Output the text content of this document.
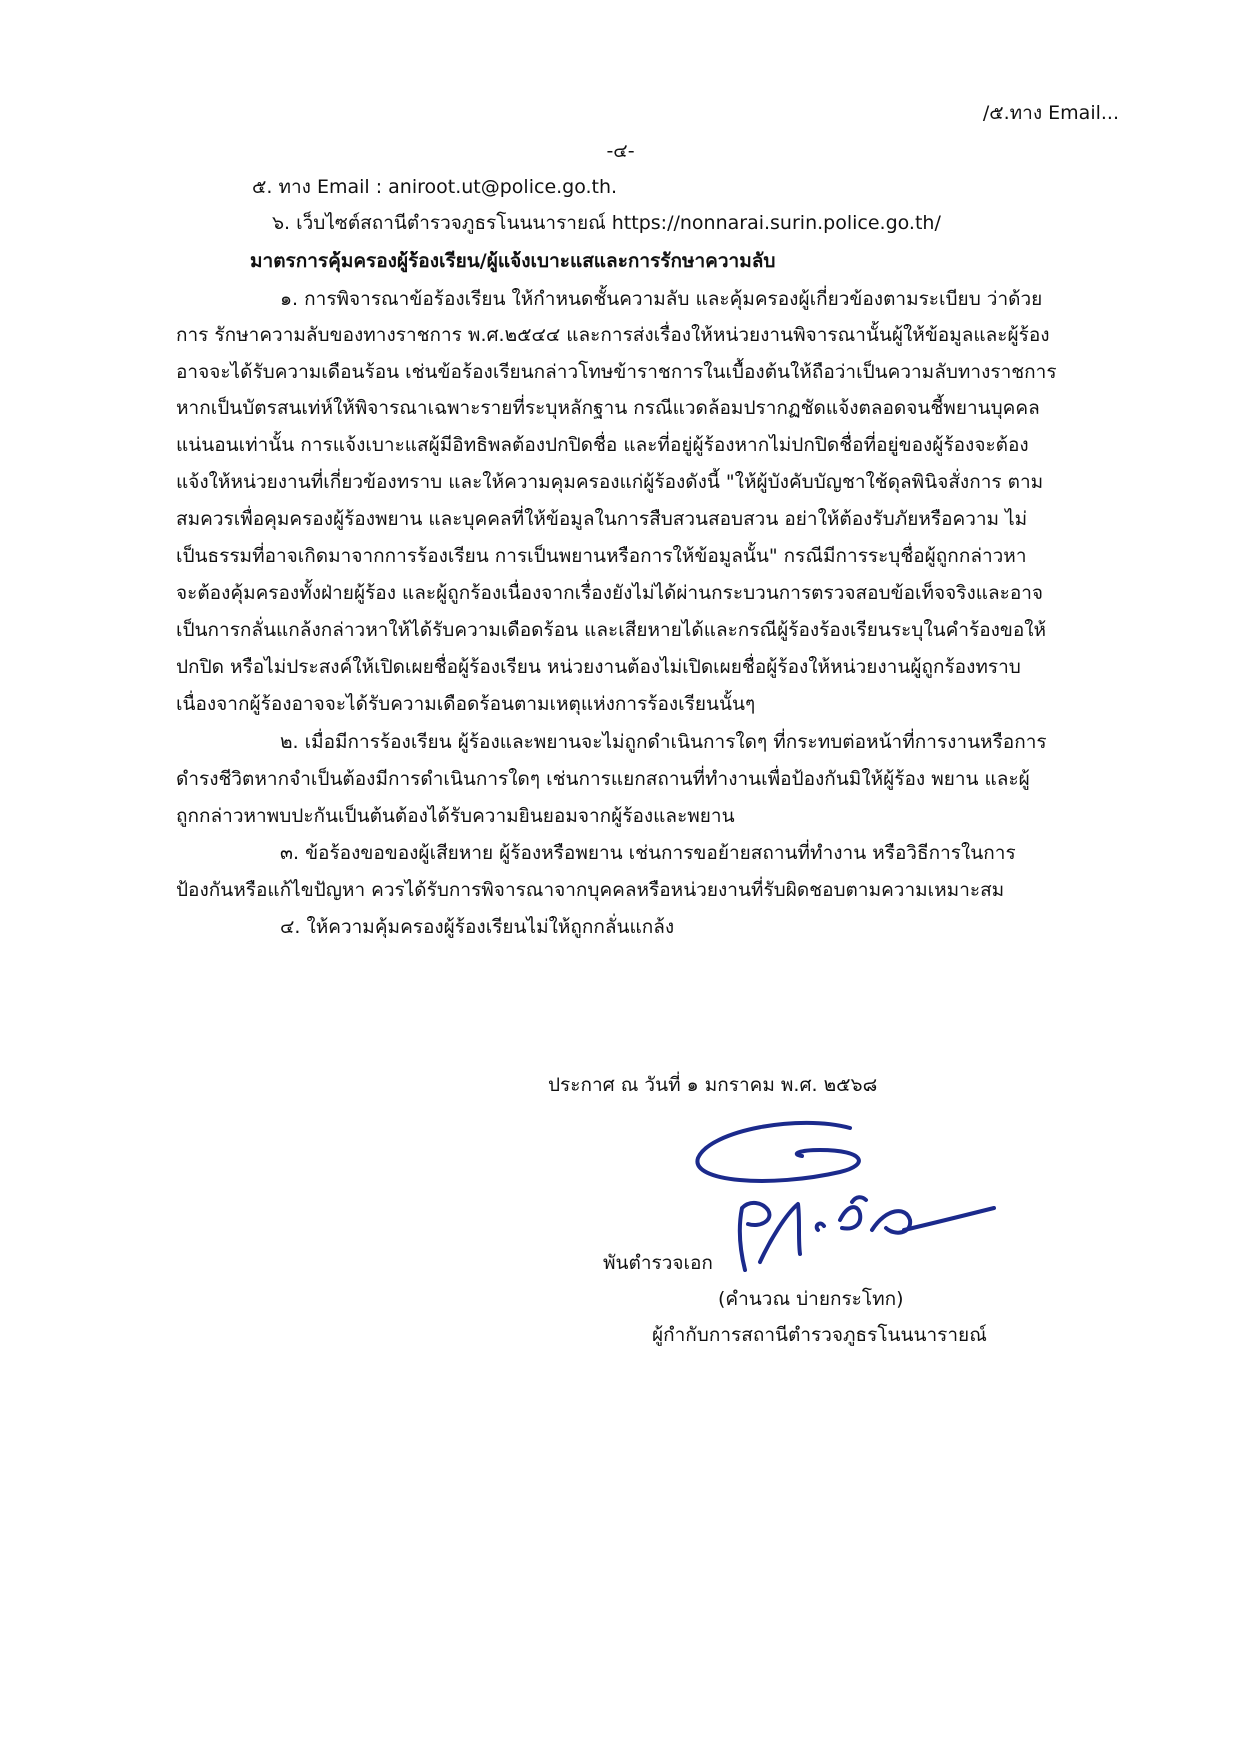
/๕.ทาง Email...
-๔-
๕. ทาง Email : aniroot.ut@police.go.th.
๖. เว็บไซต์สถานีตำรวจภูธรโนนนารายณ์ https://nonnarai.surin.police.go.th/
มาตรการคุ้มครองผู้ร้องเรียน/ผู้แจ้งเบาะแสและการรักษาความลับ
๑. การพิจารณาข้อร้องเรียน ให้กำหนดชั้นความลับ และคุ้มครองผู้เกี่ยวข้องตามระเบียบ ว่าด้วย
การ รักษาความลับของทางราชการ พ.ศ.๒๕๔๔ และการส่งเรื่องให้หน่วยงานพิจารณานั้นผู้ให้ข้อมูลและผู้ร้อง
อาจจะได้รับความเดือนร้อน เช่นข้อร้องเรียนกล่าวโทษข้าราชการในเบื้องต้นให้ถือว่าเป็นความลับทางราชการ
หากเป็นบัตรสนเท่ห์ให้พิจารณาเฉพาะรายที่ระบุหลักฐาน กรณีแวดล้อมปรากฏชัดแจ้งตลอดจนชี้พยานบุคคล
แน่นอนเท่านั้น การแจ้งเบาะแสผู้มีอิทธิพลต้องปกปิดชื่อ และที่อยู่ผู้ร้องหากไม่ปกปิดชื่อที่อยู่ของผู้ร้องจะต้อง
แจ้งให้หน่วยงานที่เกี่ยวข้องทราบ และให้ความคุมครองแก่ผู้ร้องดังนี้ "ให้ผู้บังคับบัญชาใช้ดุลพินิจสั่งการ ตาม
สมควรเพื่อคุมครองผู้ร้องพยาน และบุคคลที่ให้ข้อมูลในการสืบสวนสอบสวน อย่าให้ต้องรับภัยหรือความ ไม่
เป็นธรรมที่อาจเกิดมาจากการร้องเรียน การเป็นพยานหรือการให้ข้อมูลนั้น" กรณีมีการระบุชื่อผู้ถูกกล่าวหา
จะต้องคุ้มครองทั้งฝ่ายผู้ร้อง และผู้ถูกร้องเนื่องจากเรื่องยังไม่ได้ผ่านกระบวนการตรวจสอบข้อเท็จจริงและอาจ
เป็นการกลั่นแกล้งกล่าวหาให้ได้รับความเดือดร้อน และเสียหายได้และกรณีผู้ร้องร้องเรียนระบุในคำร้องขอให้
ปกปิด หรือไม่ประสงค์ให้เปิดเผยชื่อผู้ร้องเรียน หน่วยงานต้องไม่เปิดเผยชื่อผู้ร้องให้หน่วยงานผู้ถูกร้องทราบ
เนื่องจากผู้ร้องอาจจะได้รับความเดือดร้อนตามเหตุแห่งการร้องเรียนนั้นๆ
๒. เมื่อมีการร้องเรียน ผู้ร้องและพยานจะไม่ถูกดำเนินการใดๆ ที่กระทบต่อหน้าที่การงานหรือการ
ดำรงชีวิตหากจำเป็นต้องมีการดำเนินการใดๆ เช่นการแยกสถานที่ทำงานเพื่อป้องกันมิให้ผู้ร้อง พยาน และผู้
ถูกกล่าวหาพบปะกันเป็นต้นต้องได้รับความยินยอมจากผู้ร้องและพยาน
๓. ข้อร้องขอของผู้เสียหาย ผู้ร้องหรือพยาน เช่นการขอย้ายสถานที่ทำงาน หรือวิธีการในการ
ป้องกันหรือแก้ไขปัญหา ควรได้รับการพิจารณาจากบุคคลหรือหน่วยงานที่รับผิดชอบตามความเหมาะสม
๔. ให้ความคุ้มครองผู้ร้องเรียนไม่ให้ถูกกลั่นแกล้ง
ประกาศ ณ วันที่ ๑ มกราคม พ.ศ. ๒๕๖๘
พันตำรวจเอก
(คำนวณ บ่ายกระโทก)
ผู้กำกับการสถานีตำรวจภูธรโนนนารายณ์
